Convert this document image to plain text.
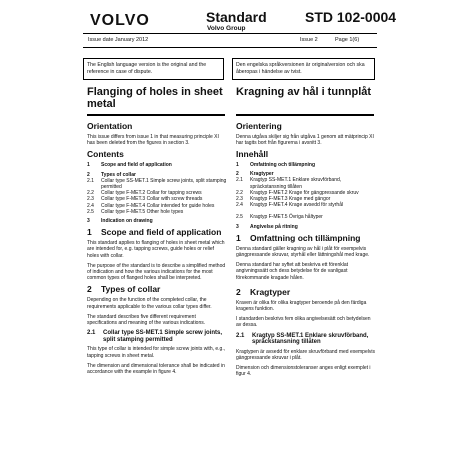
VOLVO	Standard
Volvo Group
STD 102-0004
Issue date January 2012	Issue 2	Page 1(6)
The English language version is the original and the reference in case of dispute.
Den engelska språkversionen är originalversion och ska åberopas i händelse av tvist.
Flanging of holes in sheet metal
Orientation
This issue differs from issue 1 in that measuring principle XI has been deleted from the figures in section 3.
Contents
1	Scope and field of application
2	Types of collar
2.1	Collar type SS-MET.1 Simple screw joints, split stamping permitted
2.2	Collar type F-MET.2 Collar for tapping screws
2.3	Collar type F-MET.3 Collar with screw threads
2.4	Collar type F-MET.4 Collar intended for guide holes
2.5	Collar type F-MET.5 Other hole types
3	Indication on drawing
1 Scope and field of application
This standard applies to flanging of holes in sheet metal which are intended for, e.g. tapping screws, guide holes or relief holes with collar.
The purpose of the standard is to describe a simplified method of indication and how the various indications for the most common types of flanged holes shall be interpreted.
2 Types of collar
Depending on the function of the completed collar, the requirements applicable to the various collar types differ.
The standard describes five different requirement specifications and meaning of the various indications.
2.1	Collar type SS-MET.1 Simple screw joints, split stamping permitted
This type of collar is intended for simple screw joints with, e.g., tapping screws in sheet metal.
The dimension and dimensional tolerance shall be indicated in accordance with the example in figure 4.
Kragning av hål i tunnplåt
Orientering
Denna utgåva skiljer sig från utgåva 1 genom att mätprincip XI har tagits bort från figurerna i avsnitt 3.
Innehåll
1	Omfattning och tillämpning
2	Kragtyper
2.1	Kragtyp SS-MET.1 Enklare skruvförband, spräckstansning tillåten
2.2	Kragtyp F-MET.2 Krage för gängpressande skruv
2.3	Kragtyp F-MET.3 Krage med gängor
2.4	Kragtyp F-MET.4 Krage avsedd för styrhål
2.5	Kragtyp F-MET.5 Övriga håltyper
3	Angivelse på ritning
1 Omfattning och tillämpning
Denna standard gäller kragning av hål i plåt för exempelvis gängpressande skruvar, styrhål eller lättningshål med krage.
Denna standard har syftet att beskriva ett förenklat angivningssätt och dess betydelse för de vanligast förekommande kragade hålen.
2 Kragtyper
Kraven är olika för olika kragtyper beroende på den färdiga kragens funktion.
I standarden beskrivs fem olika angivelsesätt och betydelsen av dessa.
2.1	Kragtyp SS-MET.1 Enklare skruvförband, spräckstansning tillåten
Kragtypen är avsedd för enklare skruvförband med exempelvis gängpressande skruvar i plåt.
Dimension och dimensionstoleranser anges enligt exemplet i figur 4.
